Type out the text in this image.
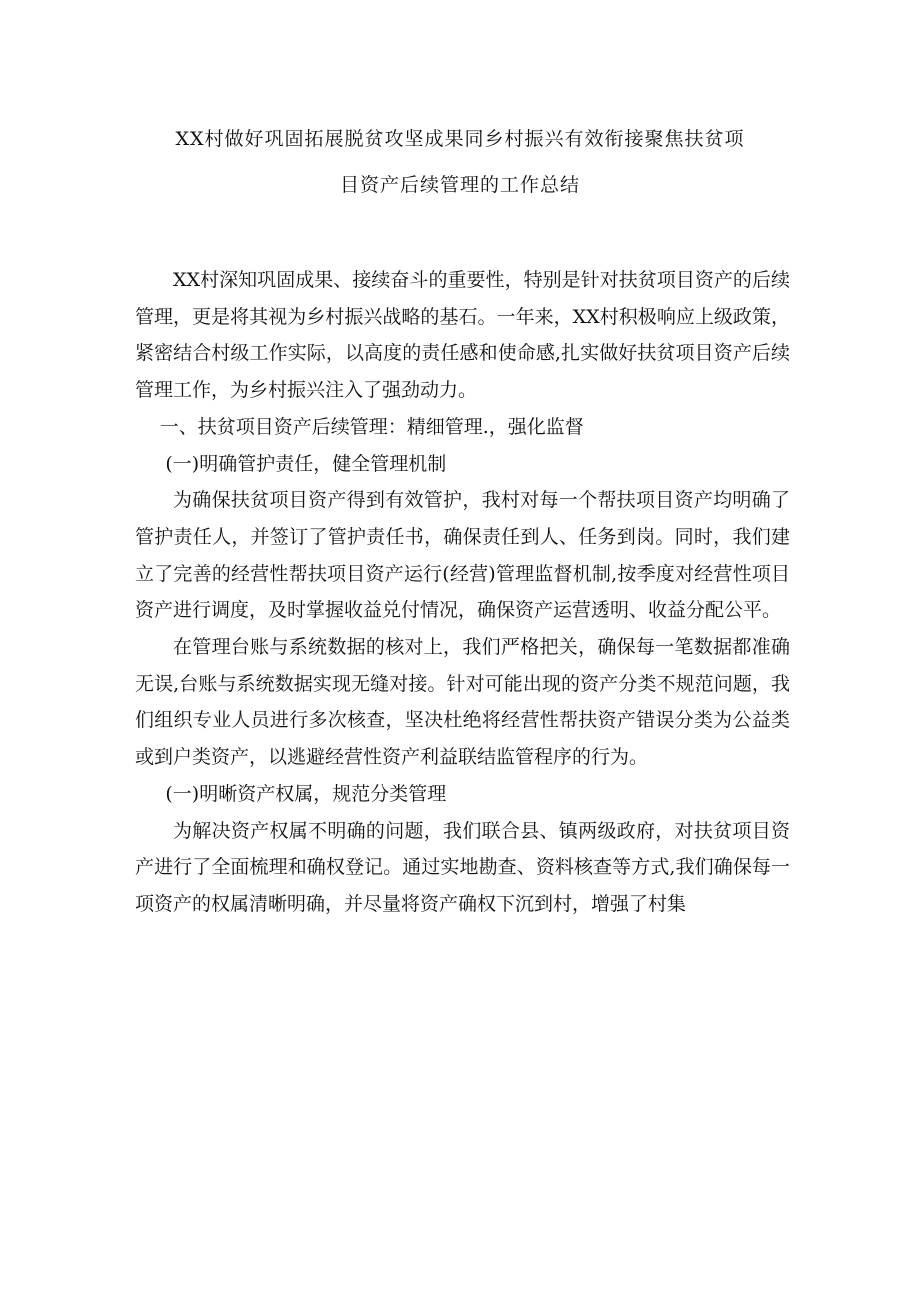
XX村做好巩固拓展脱贫攻坚成果同乡村振兴有效衔接聚焦扶贫项
目资产后续管理的工作总结

XX村深知巩固成果、接续奋斗的重要性，特别是针对扶贫项目资产的后续管理，更是将其视为乡村振兴战略的基石。一年来，XX村积极响应上级政策，紧密结合村级工作实际，以高度的责任感和使命感,扎实做好扶贫项目资产后续管理工作，为乡村振兴注入了强劲动力。

一、扶贫项目资产后续管理：精细管理.，强化监督

(一)明确管护责任，健全管理机制

为确保扶贫项目资产得到有效管护，我村对每一个帮扶项目资产均明确了管护责任人，并签订了管护责任书，确保责任到人、任务到岗。同时，我们建立了完善的经营性帮扶项目资产运行(经营)管理监督机制,按季度对经营性项目资产进行调度，及时掌握收益兑付情况，确保资产运营透明、收益分配公平。

在管理台账与系统数据的核对上，我们严格把关，确保每一笔数据都准确无误,台账与系统数据实现无缝对接。针对可能出现的资产分类不规范问题，我们组织专业人员进行多次核查，坚决杜绝将经营性帮扶资产错误分类为公益类或到户类资产，以逃避经营性资产利益联结监管程序的行为。

(一)明晰资产权属，规范分类管理

为解决资产权属不明确的问题，我们联合县、镇两级政府，对扶贫项目资产进行了全面梳理和确权登记。通过实地勘查、资料核查等方式,我们确保每一项资产的权属清晰明确，并尽量将资产确权下沉到村，增强了村集
